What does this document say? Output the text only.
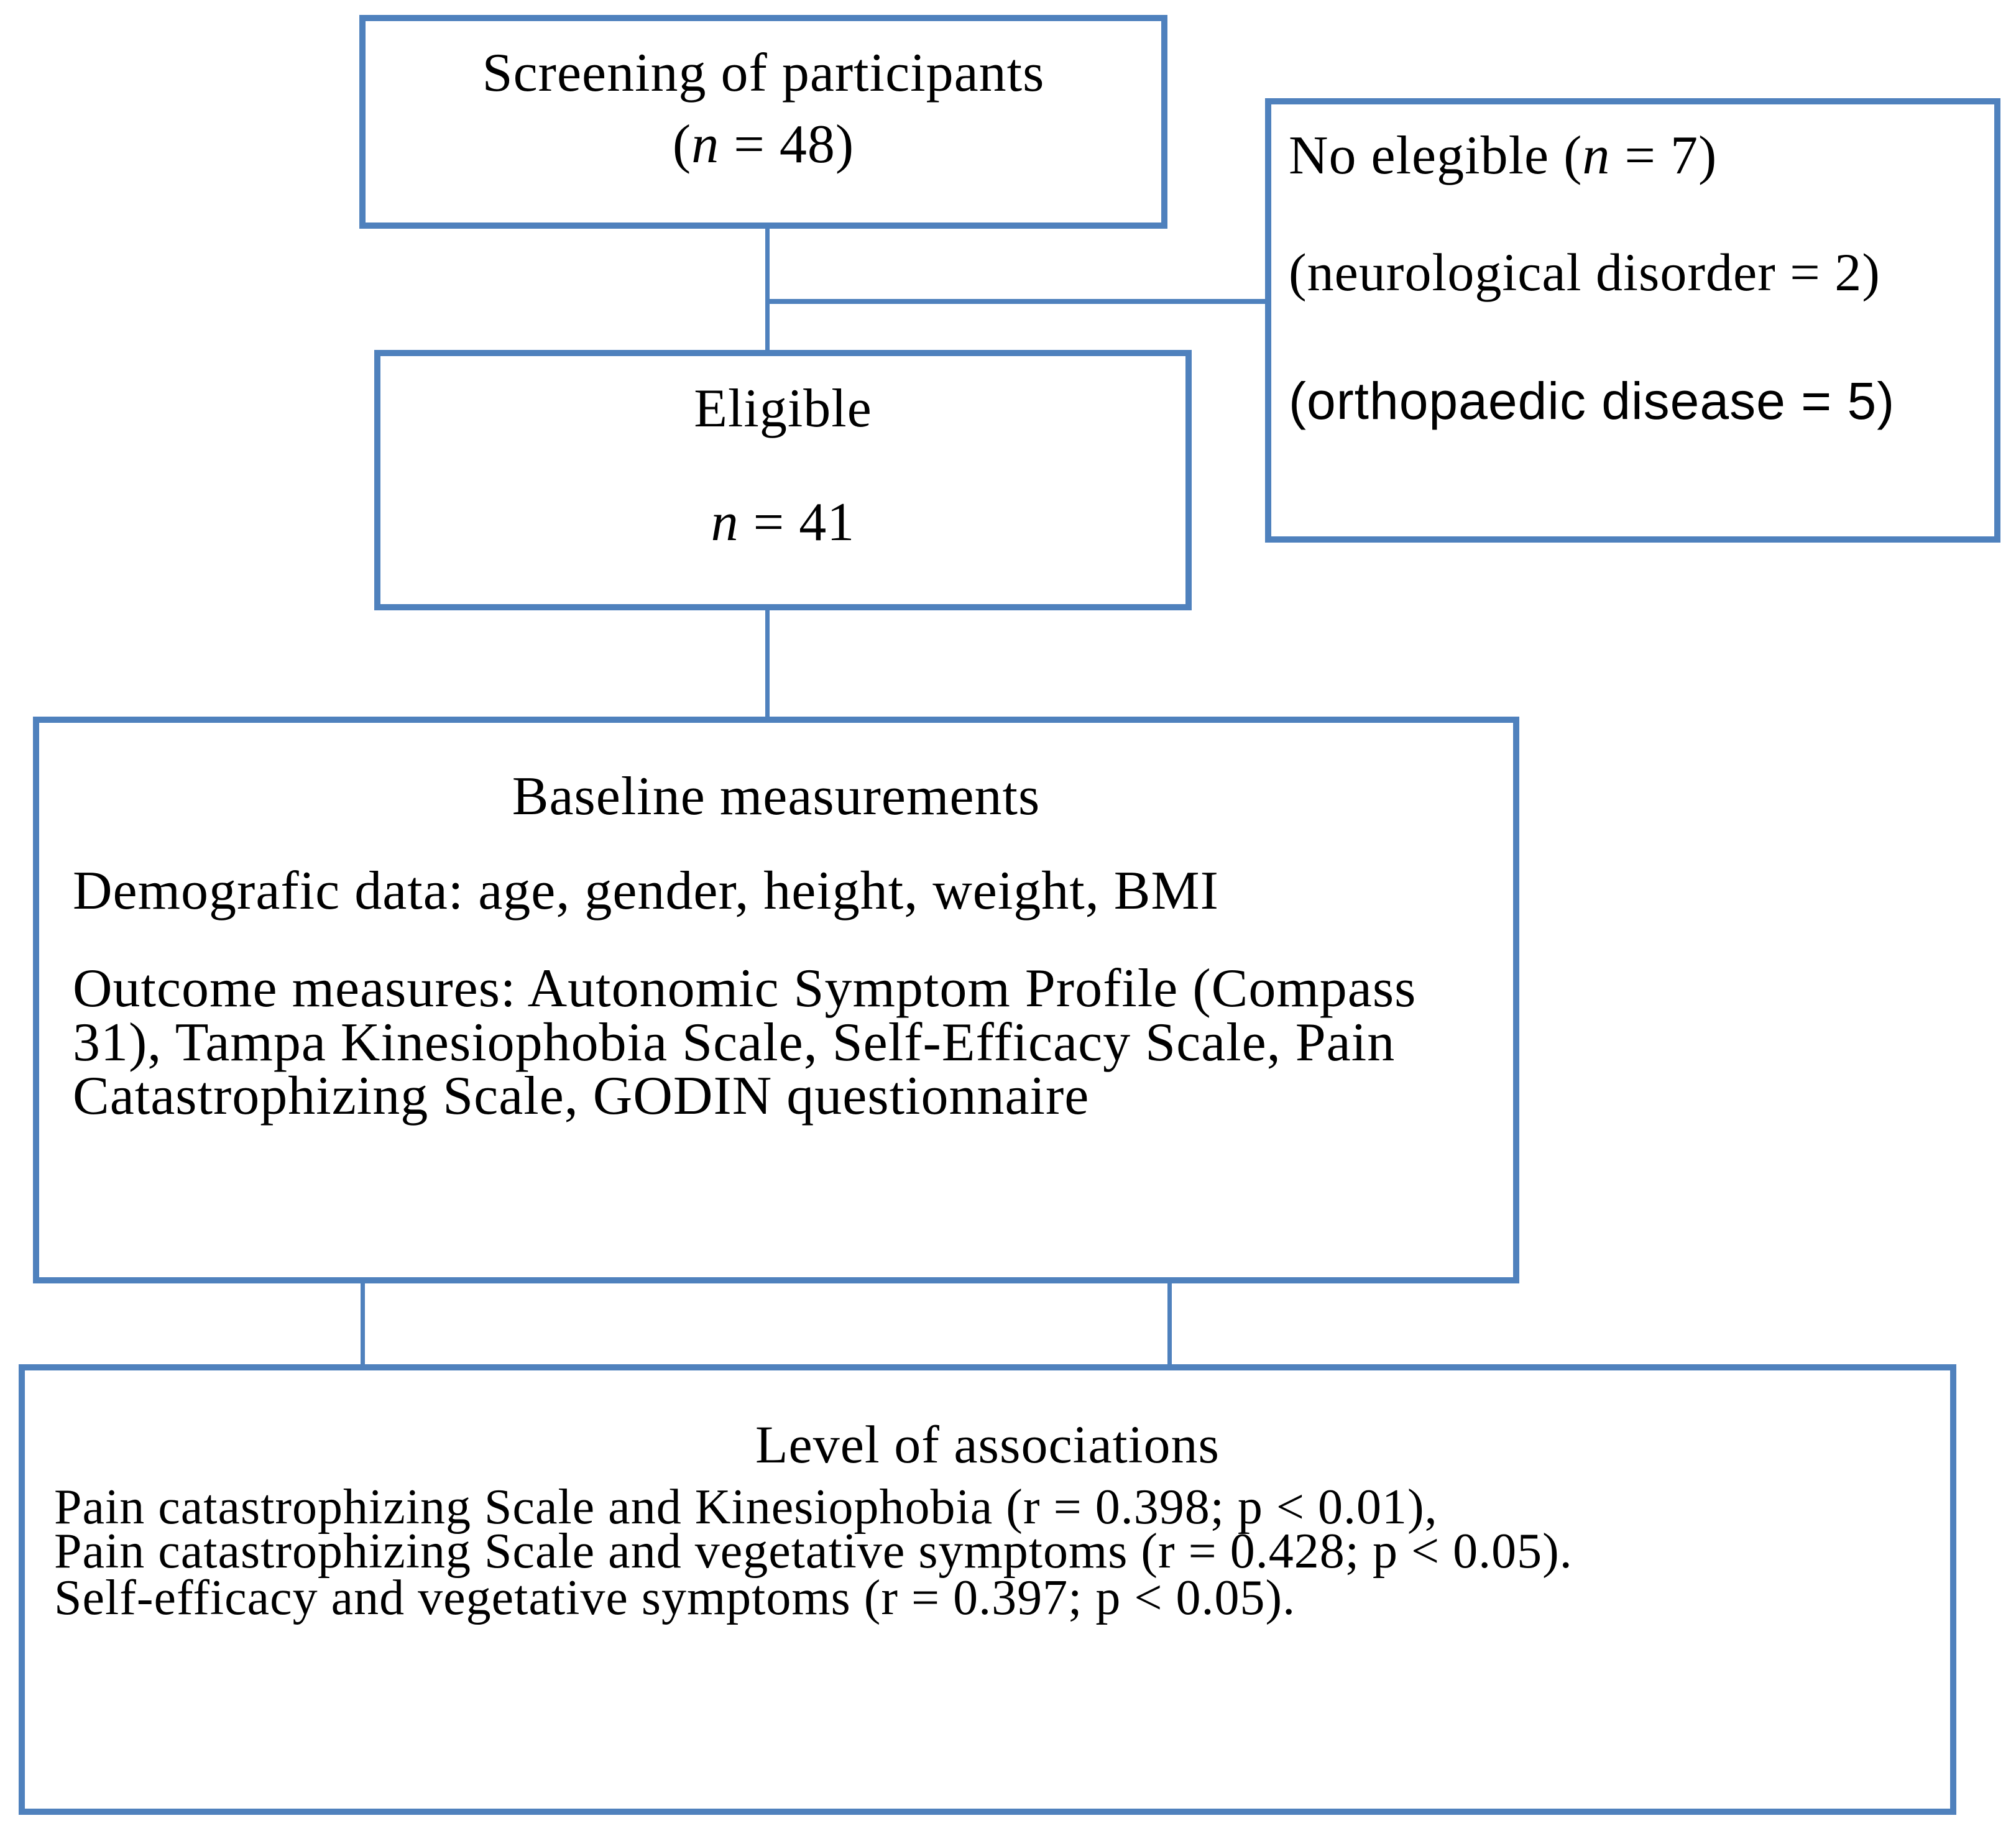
Screening of participants
(n = 48)	No elegible (n = 7)
(neurological disorder = 2)
(orthopaedic disease = 5)
Eligible
n = 41
Baseline measurements
Demografic data: age, gender, height, weight, BMI
Outcome measures: Autonomic Symptom Profile (Compass
31), Tampa Kinesiophobia Scale, Self-Efficacy Scale, Pain
Catastrophizing Scale, GODIN questionnaire
Level of associations
Pain catastrophizing Scale and Kinesiophobia (r = 0.398; p < 0.01),
Pain catastrophizing Scale and vegetative symptoms (r = 0.428; p < 0.05).
Self-efficacy and vegetative symptoms (r = 0.397; p < 0.05).
